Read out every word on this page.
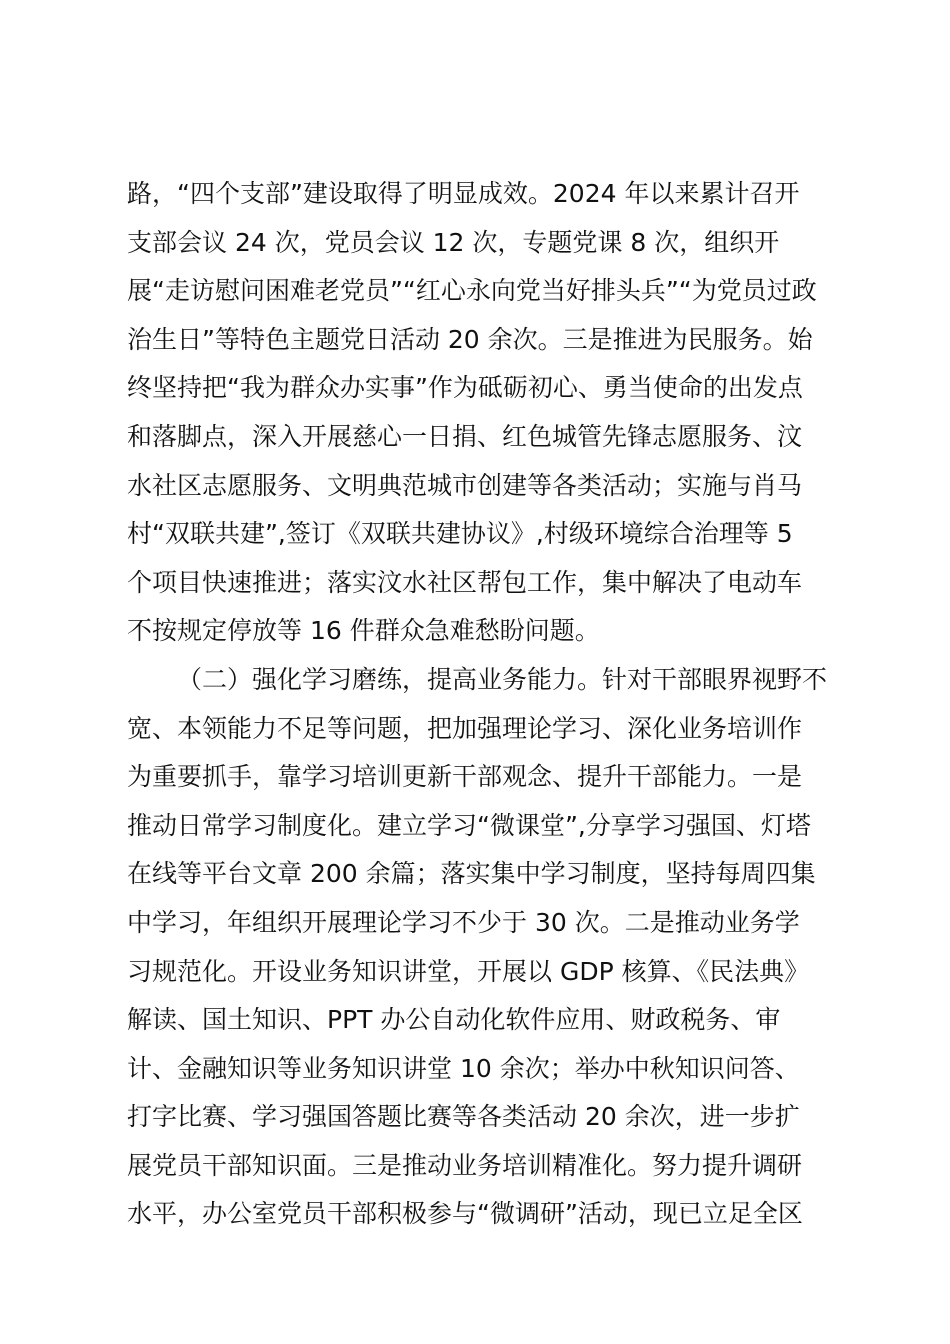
路，“四个支部”建设取得了明显成效。2024 年以来累计召开
支部会议 24 次，党员会议 12 次，专题党课 8 次，组织开
展“走访慰问困难老党员”“红心永向党当好排头兵”“为党员过政
治生日”等特色主题党日活动 20 余次。三是推进为民服务。始
终坚持把“我为群众办实事”作为砥砺初心、勇当使命的出发点
和落脚点，深入开展慈心一日捐、红色城管先锋志愿服务、汶
水社区志愿服务、文明典范城市创建等各类活动；实施与肖马
村“双联共建”,签订《双联共建协议》,村级环境综合治理等 5
个项目快速推进；落实汶水社区帮包工作，集中解决了电动车
不按规定停放等 16 件群众急难愁盼问题。
（二）强化学习磨练，提高业务能力。针对干部眼界视野不
宽、本领能力不足等问题，把加强理论学习、深化业务培训作
为重要抓手，靠学习培训更新干部观念、提升干部能力。一是
推动日常学习制度化。建立学习“微课堂”,分享学习强国、灯塔
在线等平台文章 200 余篇；落实集中学习制度，坚持每周四集
中学习，年组织开展理论学习不少于 30 次。二是推动业务学
习规范化。开设业务知识讲堂，开展以 GDP 核算、《民法典》
解读、国土知识、PPT 办公自动化软件应用、财政税务、审
计、金融知识等业务知识讲堂 10 余次；举办中秋知识问答、
打字比赛、学习强国答题比赛等各类活动 20 余次，进一步扩
展党员干部知识面。三是推动业务培训精准化。努力提升调研
水平，办公室党员干部积极参与“微调研”活动，现已立足全区
